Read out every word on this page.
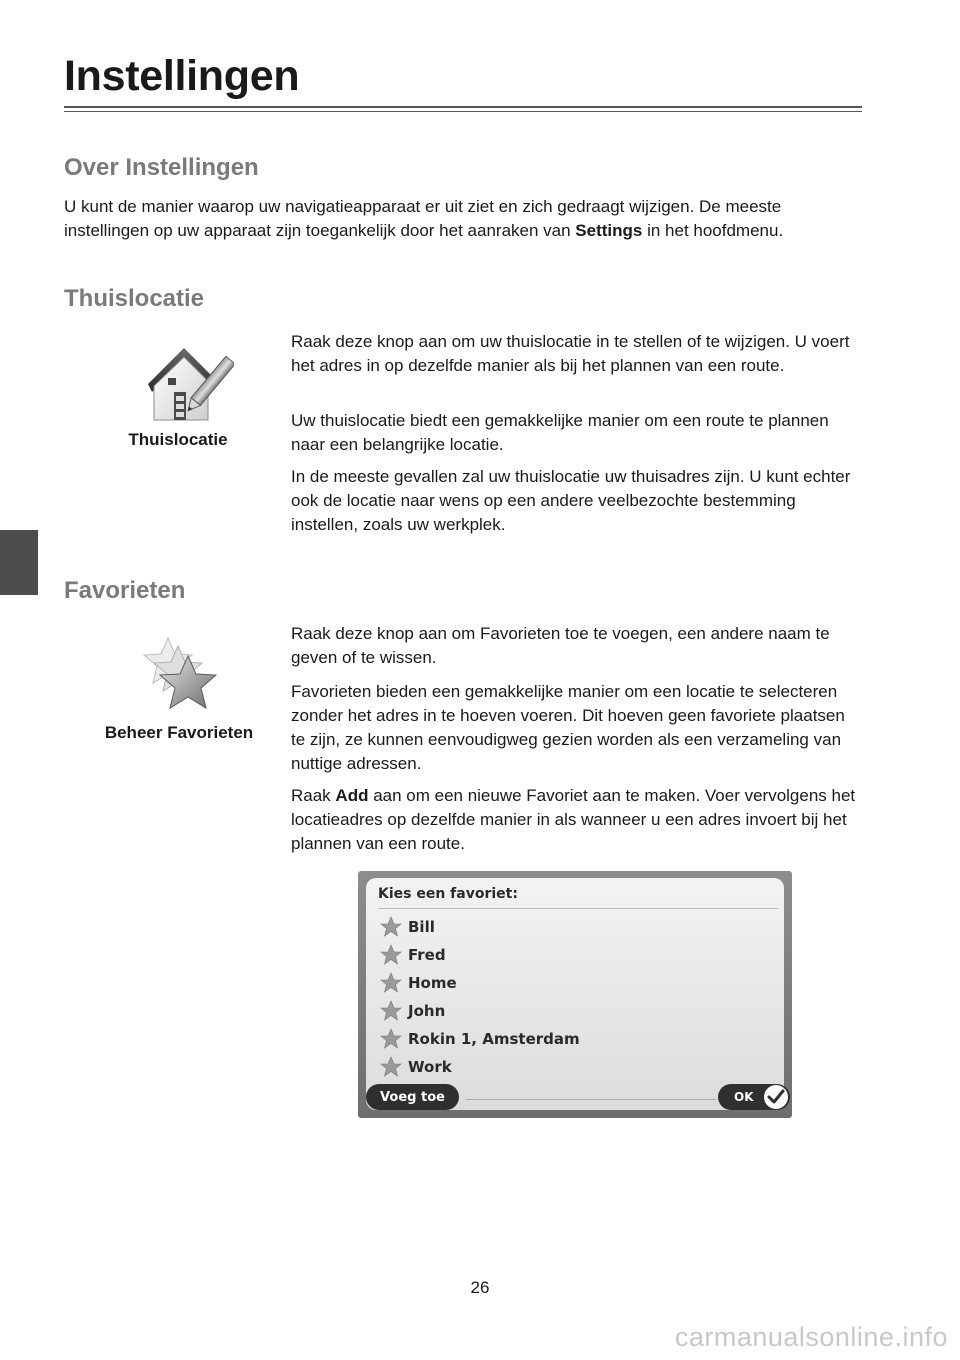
Instellingen
Over Instellingen

U kunt de manier waarop uw navigatieapparaat er uit ziet en zich gedraagt wijzigen. De meeste instellingen op uw apparaat zijn toegankelijk door het aanraken van Settings in het hoofdmenu.

Thuislocatie
Thuislocatie

Raak deze knop aan om uw thuislocatie in te stellen of te wijzigen. U voert het adres in op dezelfde manier als bij het plannen van een route.

Uw thuislocatie biedt een gemakkelijke manier om een route te plannen naar een belangrijke locatie.

In de meeste gevallen zal uw thuislocatie uw thuisadres zijn. U kunt echter ook de locatie naar wens op een andere veelbezochte bestemming instellen, zoals uw werkplek.

Favorieten
Beheer Favorieten

Raak deze knop aan om Favorieten toe te voegen, een andere naam te geven of te wissen.

Favorieten bieden een gemakkelijke manier om een locatie te selecteren zonder het adres in te hoeven voeren. Dit hoeven geen favoriete plaatsen te zijn, ze kunnen eenvoudigweg gezien worden als een verzameling van nuttige adressen.

Raak Add aan om een nieuwe Favoriet aan te maken. Voer vervolgens het locatieadres op dezelfde manier in als wanneer u een adres invoert bij het plannen van een route.

Kies een favoriet:
Bill
Fred
Home
John
Rokin 1, Amsterdam
Work
Voeg toe	OK
26
carmanualsonline.info
